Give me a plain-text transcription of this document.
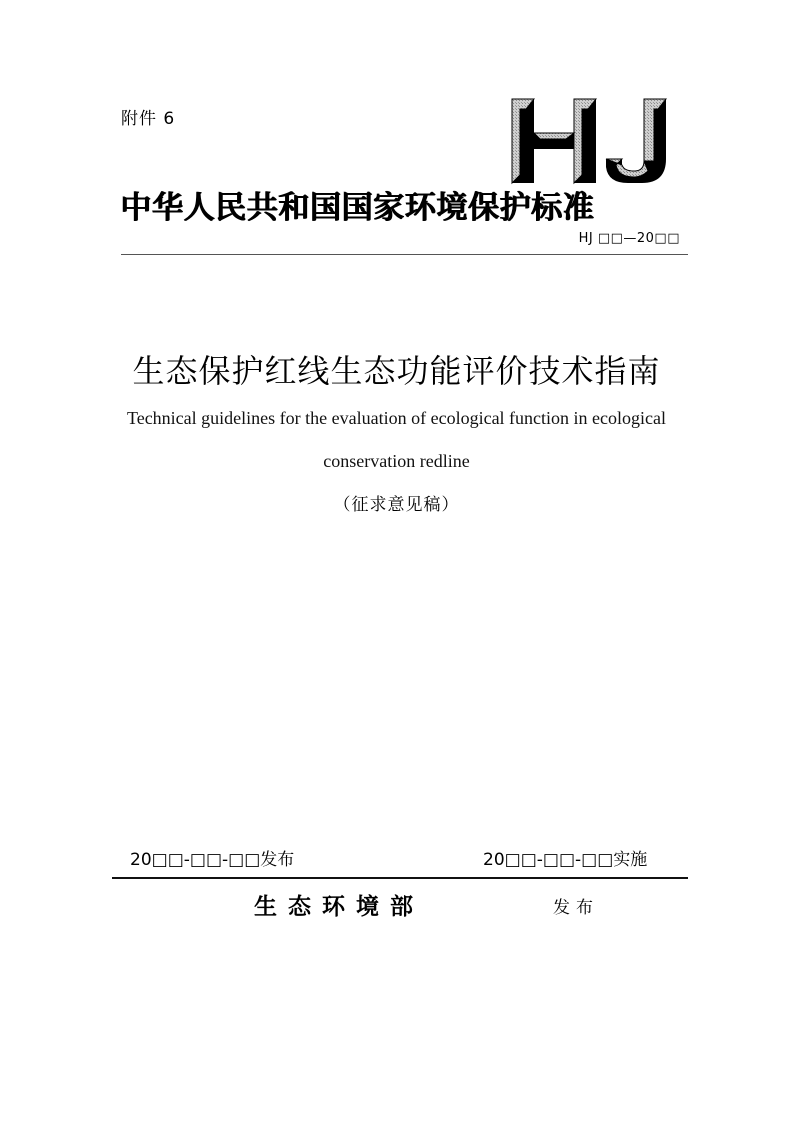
附件 6
中华人民共和国国家环境保护标准
HJ □□—20□□
生态保护红线生态功能评价技术指南
Technical guidelines for the evaluation of ecological function in ecological
conservation redline
（征求意见稿）
20□□-□□-□□发布	20□□-□□-□□实施
生态环境部	发布
